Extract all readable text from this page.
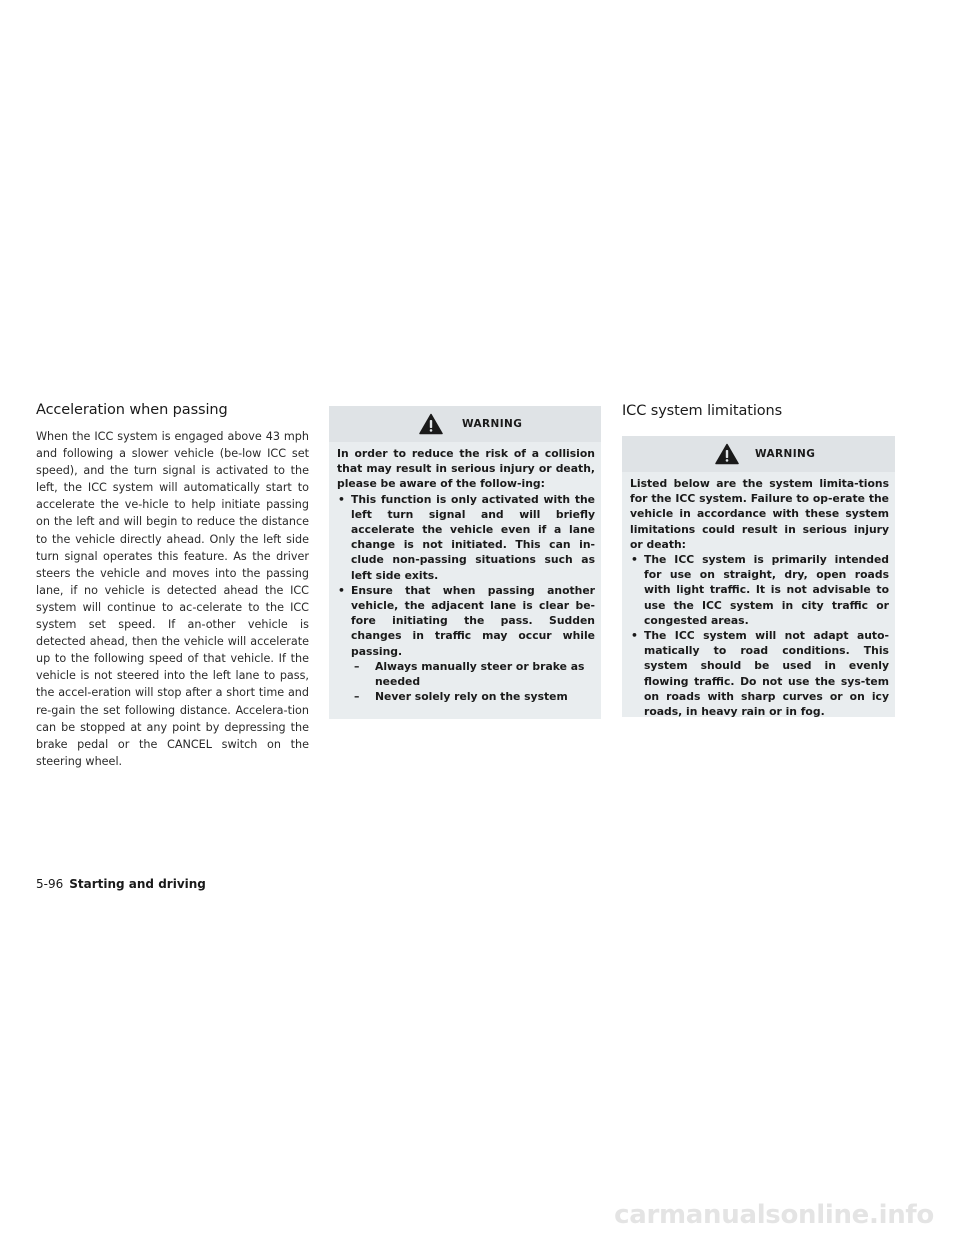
Acceleration when passing

When the ICC system is engaged above 43 mph and following a slower vehicle (be‐low ICC set speed), and the turn signal is activated to the left, the ICC system will automatically start to accelerate the ve‐hicle to help initiate passing on the left and will begin to reduce the distance to the vehicle directly ahead. Only the left side turn signal operates this feature. As the driver steers the vehicle and moves into the passing lane, if no vehicle is detected ahead the ICC system will continue to ac‐celerate to the ICC system set speed. If an‐other vehicle is detected ahead, then the vehicle will accelerate up to the following speed of that vehicle. If the vehicle is not steered into the left lane to pass, the accel‐eration will stop after a short time and re‐gain the set following distance. Accelera‐tion can be stopped at any point by depressing the brake pedal or the CANCEL switch on the steering wheel.

WARNING

In order to reduce the risk of a collision that may result in serious injury or death, please be aware of the follow‐ing:

• This function is only activated with the left turn signal and will briefly accelerate the vehicle even if a lane change is not initiated. This can in‐clude non-passing situations such as left side exits.
• Ensure that when passing another vehicle, the adjacent lane is clear be‐fore initiating the pass. Sudden changes in traffic may occur while passing.
– Always manually steer or brake as needed
– Never solely rely on the system
ICC system limitations
WARNING

Listed below are the system limita‐tions for the ICC system. Failure to op‐erate the vehicle in accordance with these system limitations could result in serious injury or death:

• The ICC system is primarily intended for use on straight, dry, open roads with light traffic. It is not advisable to use the ICC system in city traffic or congested areas.
• The ICC system will not adapt auto‐matically to road conditions. This system should be used in evenly flowing traffic. Do not use the sys‐tem on roads with sharp curves or on icy roads, in heavy rain or in fog.
5-96 Starting and driving
carmanualsonline.info
